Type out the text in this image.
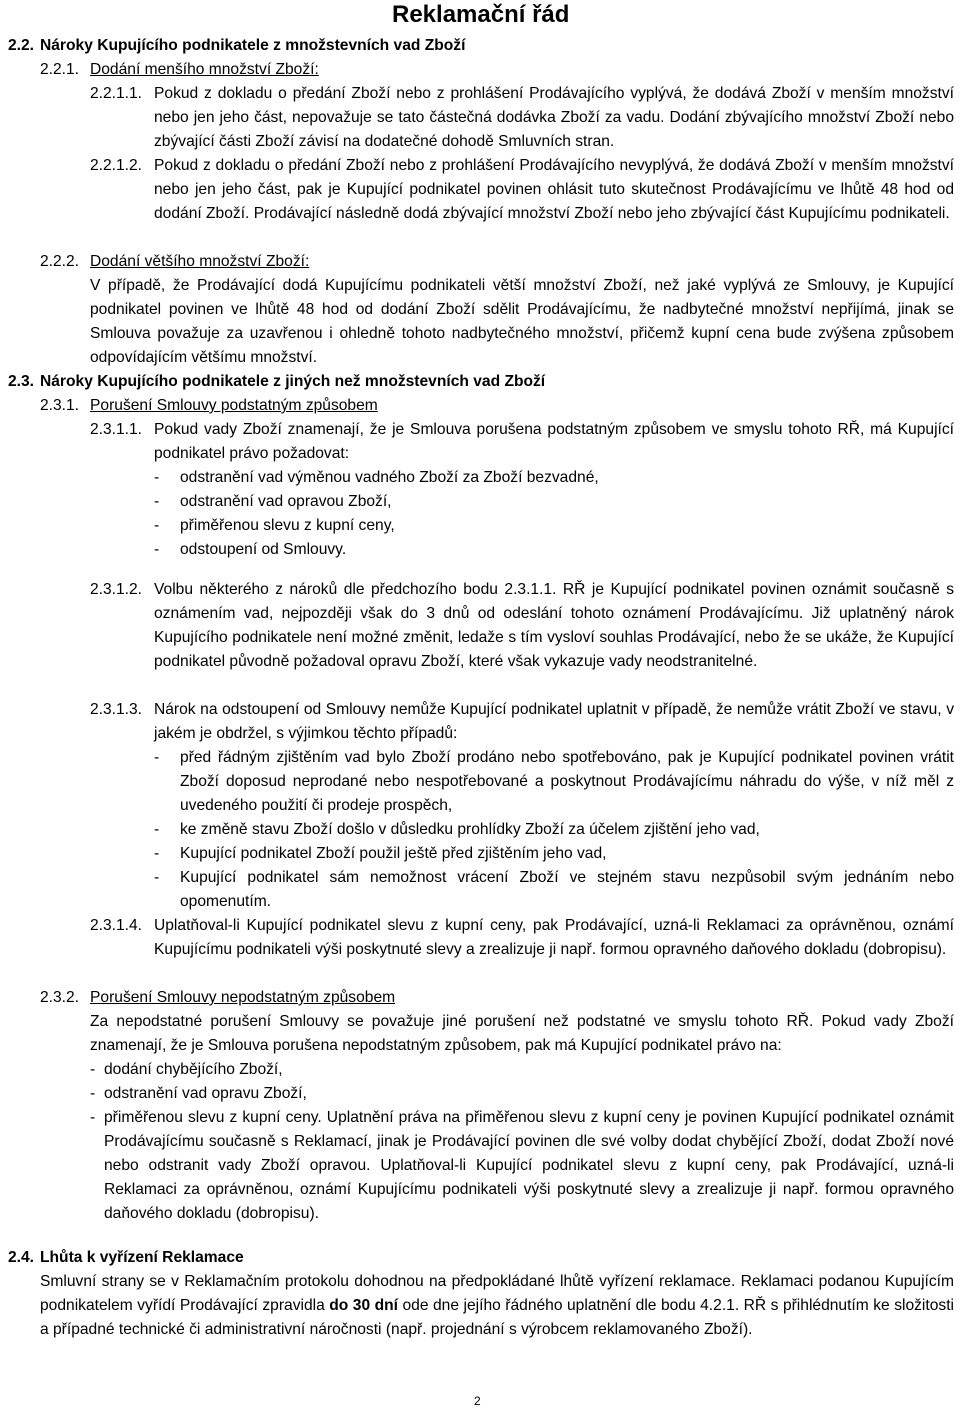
Reklamační řád
2.2. Nároky Kupujícího podnikatele z množstevních vad Zboží
2.2.1. Dodání menšího množství Zboží:
2.2.1.1. Pokud z dokladu o předání Zboží nebo z prohlášení Prodávajícího vyplývá, že dodává Zboží v menším množství nebo jen jeho část, nepovažuje se tato částečná dodávka Zboží za vadu. Dodání zbývajícího množství Zboží nebo zbývající části Zboží závisí na dodatečné dohodě Smluvních stran.

2.2.1.2. Pokud z dokladu o předání Zboží nebo z prohlášení Prodávajícího nevyplývá, že dodává Zboží v menším množství nebo jen jeho část, pak je Kupující podnikatel povinen ohlásit tuto skutečnost Prodávajícímu ve lhůtě 48 hod od dodání Zboží. Prodávající následně dodá zbývající množství Zboží nebo jeho zbývající část Kupujícímu podnikateli.

2.2.2. Dodání většího množství Zboží:

V případě, že Prodávající dodá Kupujícímu podnikateli větší množství Zboží, než jaké vyplývá ze Smlouvy, je Kupující podnikatel povinen ve lhůtě 48 hod od dodání Zboží sdělit Prodávajícímu, že nadbytečné množství nepřijímá, jinak se Smlouva považuje za uzavřenou i ohledně tohoto nadbytečného množství, přičemž kupní cena bude zvýšena způsobem odpovídajícím většímu množství.

2.3. Nároky Kupujícího podnikatele z jiných než množstevních vad Zboží
2.3.1. Porušení Smlouvy podstatným způsobem
2.3.1.1. Pokud vady Zboží znamenají, že je Smlouva porušena podstatným způsobem ve smyslu tohoto RŘ, má Kupující podnikatel právo požadovat:

-	odstranění vad výměnou vadného Zboží za Zboží bezvadné,
-	odstranění vad opravou Zboží,
-	přiměřenou slevu z kupní ceny,
-	odstoupení od Smlouvy.
2.3.1.2. Volbu některého z nároků dle předchozího bodu 2.3.1.1. RŘ je Kupující podnikatel povinen oznámit současně s oznámením vad, nejpozději však do 3 dnů od odeslání tohoto oznámení Prodávajícímu. Již uplatněný nárok Kupujícího podnikatele není možné změnit, ledaže s tím vysloví souhlas Prodávající, nebo že se ukáže, že Kupující podnikatel původně požadoval opravu Zboží, které však vykazuje vady neodstranitelné.

2.3.1.3. Nárok na odstoupení od Smlouvy nemůže Kupující podnikatel uplatnit v případě, že nemůže vrátit Zboží ve stavu, v jakém je obdržel, s výjimkou těchto případů:

-	před řádným zjištěním vad bylo Zboží prodáno nebo spotřebováno, pak je Kupující podnikatel povinen vrátit Zboží doposud neprodané nebo nespotřebované a poskytnout Prodávajícímu náhradu do výše, v níž měl z uvedeného použití či prodeje prospěch,
-	ke změně stavu Zboží došlo v důsledku prohlídky Zboží za účelem zjištění jeho vad,
-	Kupující podnikatel Zboží použil ještě před zjištěním jeho vad,
-	Kupující podnikatel sám nemožnost vrácení Zboží ve stejném stavu nezpůsobil svým jednáním nebo opomenutím.
2.3.1.4. Uplatňoval-li Kupující podnikatel slevu z kupní ceny, pak Prodávající, uzná-li Reklamaci za oprávněnou, oznámí Kupujícímu podnikateli výši poskytnuté slevy a zrealizuje ji např. formou opravného daňového dokladu (dobropisu).

2.3.2. Porušení Smlouvy nepodstatným způsobem

Za nepodstatné porušení Smlouvy se považuje jiné porušení než podstatné ve smyslu tohoto RŘ. Pokud vady Zboží znamenají, že je Smlouva porušena nepodstatným způsobem, pak má Kupující podnikatel právo na:

- dodání chybějícího Zboží,
- odstranění vad opravu Zboží,
- přiměřenou slevu z kupní ceny. Uplatnění práva na přiměřenou slevu z kupní ceny je povinen Kupující podnikatel oznámit Prodávajícímu současně s Reklamací, jinak je Prodávající povinen dle své volby dodat chybějící Zboží, dodat Zboží nové nebo odstranit vady Zboží opravou. Uplatňoval-li Kupující podnikatel slevu z kupní ceny, pak Prodávající, uzná-li Reklamaci za oprávněnou, oznámí Kupujícímu podnikateli výši poskytnuté slevy a zrealizuje ji např. formou opravného daňového dokladu (dobropisu).
2.4. Lhůta k vyřízení Reklamace

Smluvní strany se v Reklamačním protokolu dohodnou na předpokládané lhůtě vyřízení reklamace. Reklamaci podanou Kupujícím podnikatelem vyřídí Prodávající zpravidla do 30 dní ode dne jejího řádného uplatnění dle bodu 4.2.1. RŘ s přihlédnutím ke složitosti a případné technické či administrativní náročnosti (např. projednání s výrobcem reklamovaného Zboží).

2
